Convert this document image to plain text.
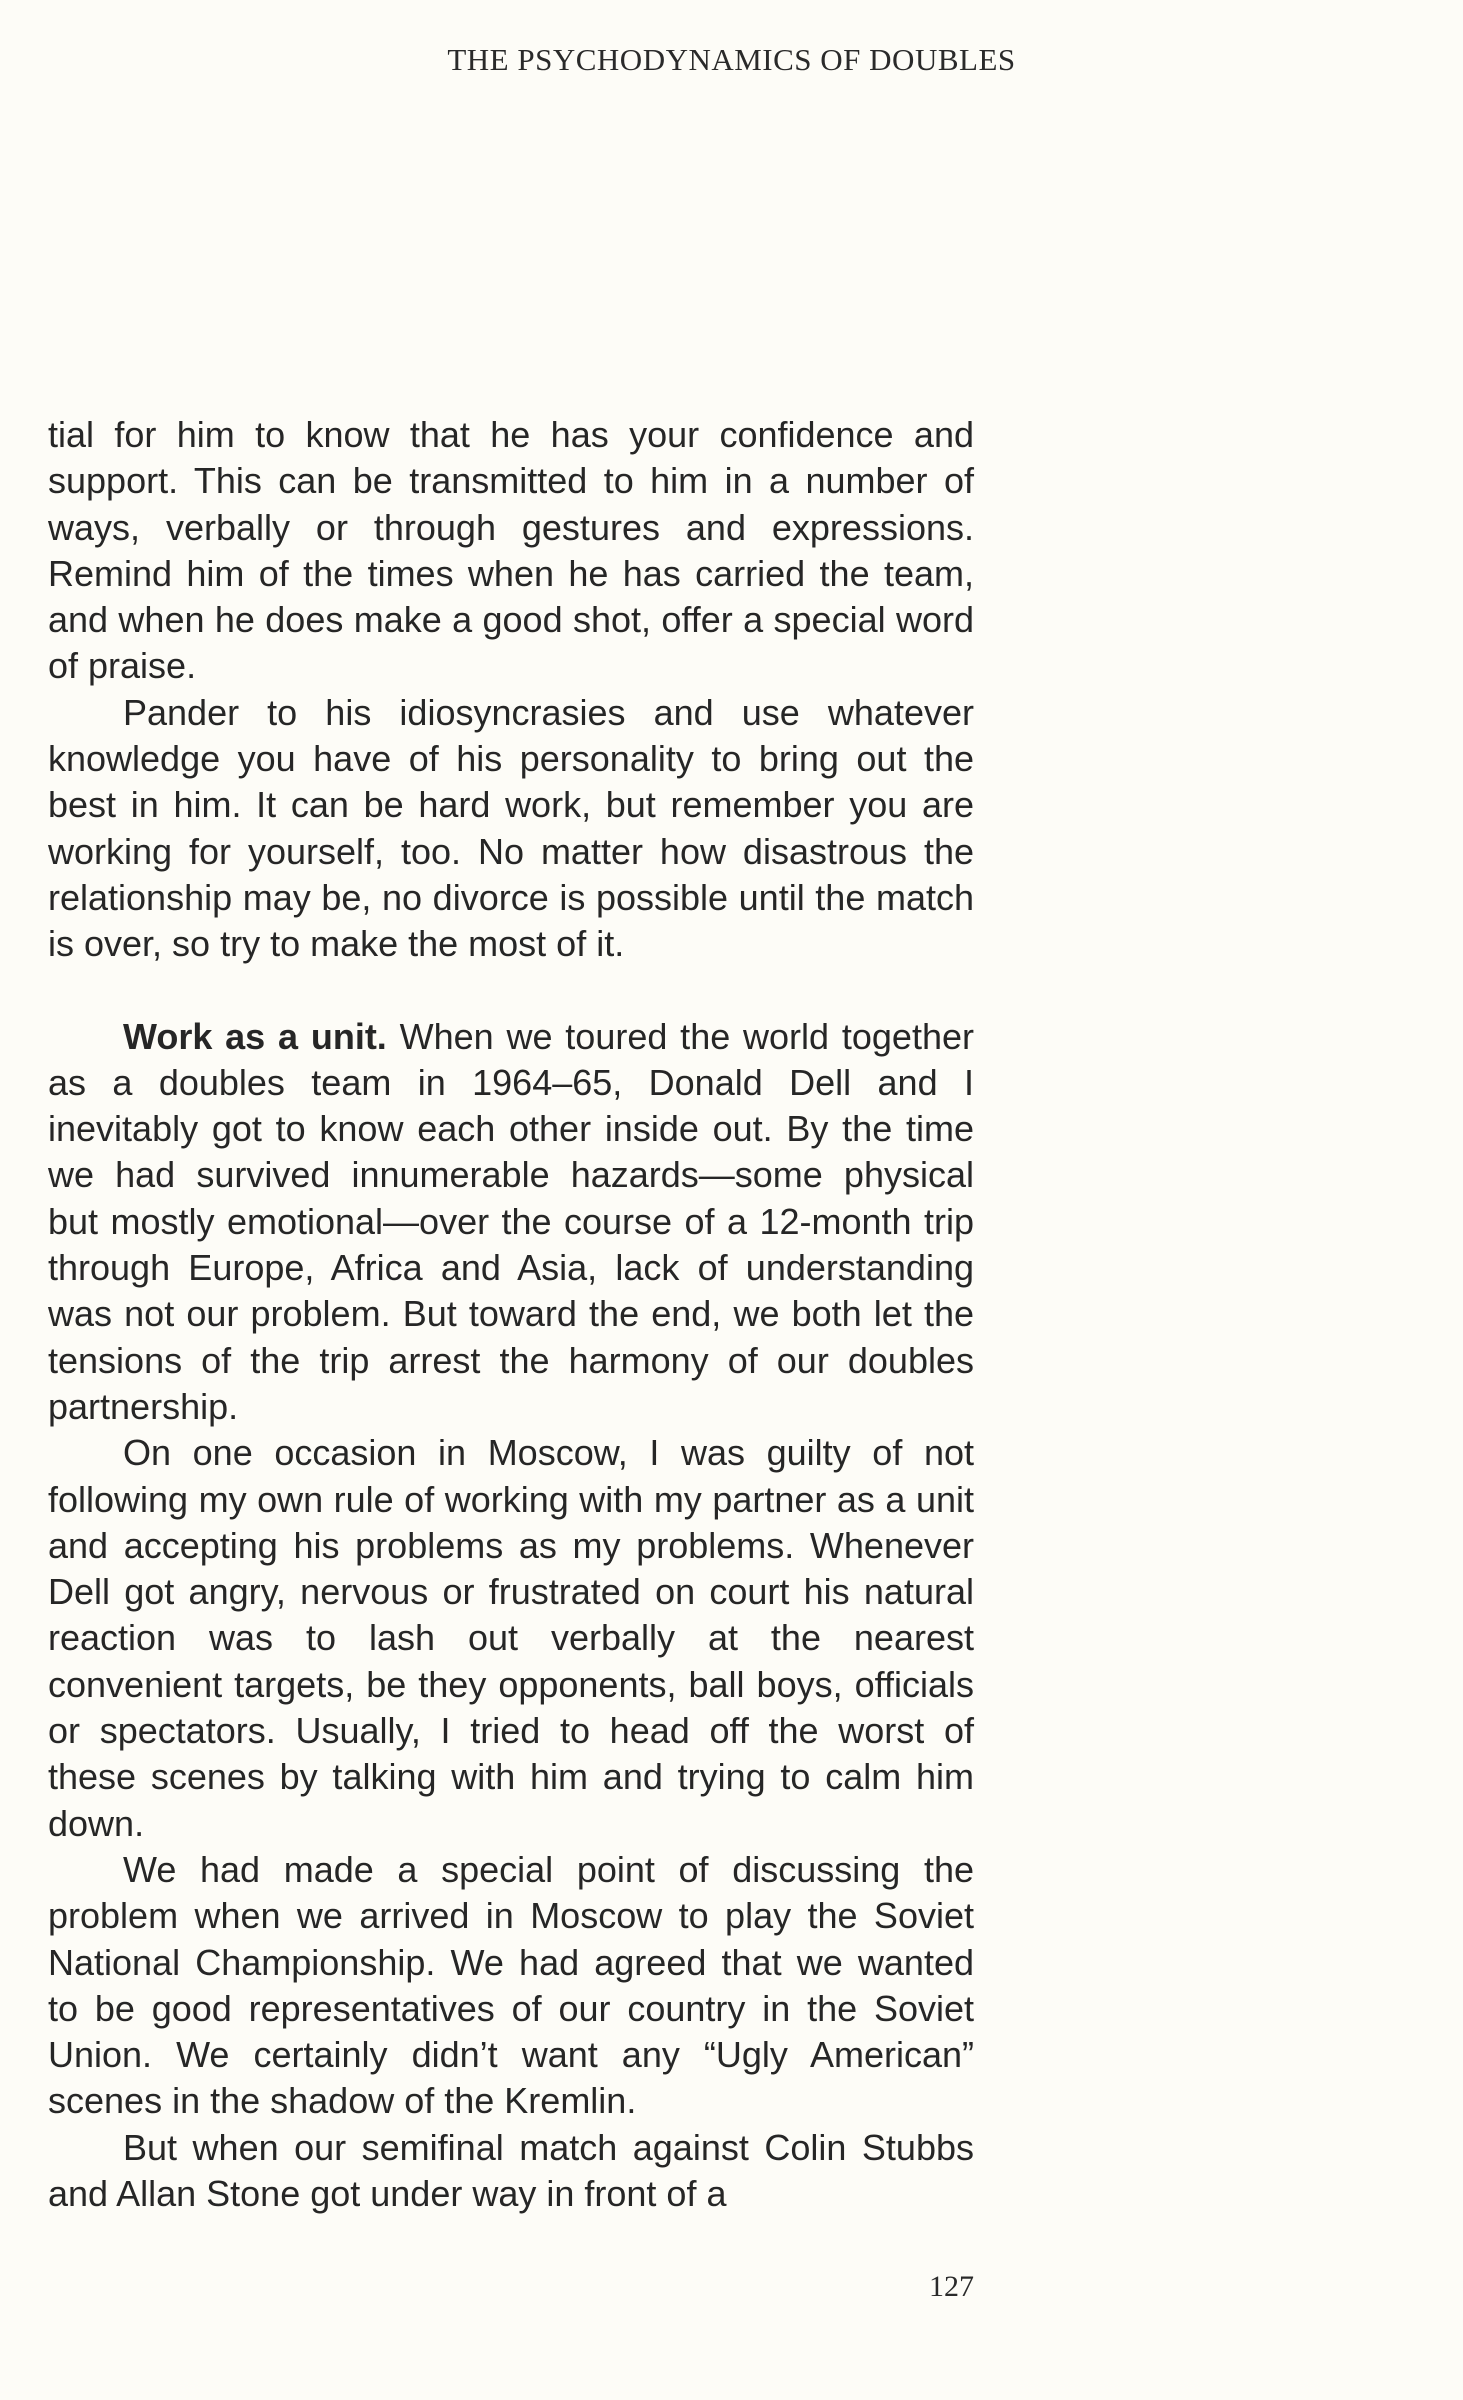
THE PSYCHODYNAMICS OF DOUBLES

tial for him to know that he has your confidence and support. This can be transmitted to him in a number of ways, verbally or through gestures and expressions. Remind him of the times when he has carried the team, and when he does make a good shot, offer a special word of praise.

Pander to his idiosyncrasies and use whatever knowledge you have of his personality to bring out the best in him. It can be hard work, but remember you are working for yourself, too. No matter how disastrous the relationship may be, no divorce is possible until the match is over, so try to make the most of it.

Work as a unit. When we toured the world together as a doubles team in 1964–65, Donald Dell and I inevitably got to know each other inside out. By the time we had survived innumerable hazards—some physical but mostly emotional—over the course of a 12-month trip through Europe, Africa and Asia, lack of understanding was not our problem. But toward the end, we both let the tensions of the trip arrest the harmony of our doubles partnership.

On one occasion in Moscow, I was guilty of not following my own rule of working with my partner as a unit and accepting his problems as my problems. Whenever Dell got angry, nervous or frustrated on court his natural reaction was to lash out verbally at the nearest convenient targets, be they opponents, ball boys, officials or spectators. Usually, I tried to head off the worst of these scenes by talking with him and trying to calm him down.

We had made a special point of discussing the problem when we arrived in Moscow to play the Soviet National Championship. We had agreed that we wanted to be good representatives of our country in the Soviet Union. We certainly didn’t want any “Ugly American” scenes in the shadow of the Kremlin.

But when our semifinal match against Colin Stubbs and Allan Stone got under way in front of a

127
